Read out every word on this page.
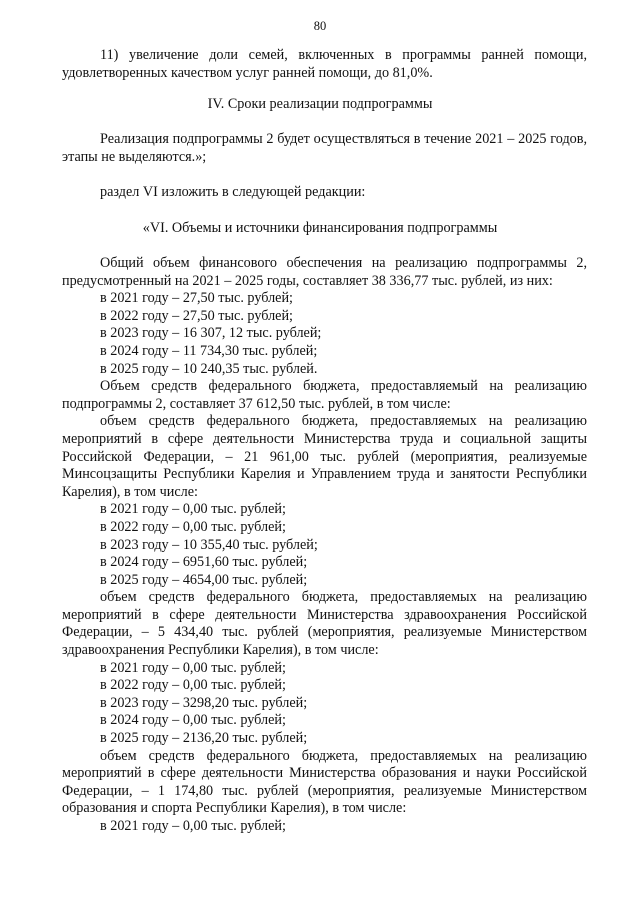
80

11) увеличение доли семей, включенных в программы ранней помощи, удовлетворенных качеством услуг ранней помощи, до 81,0%.

IV. Сроки реализации подпрограммы

Реализация подпрограммы 2 будет осуществляться в течение 2021 – 2025 годов, этапы не выделяются.»;

раздел VI изложить в следующей редакции:

«VI. Объемы и источники финансирования подпрограммы

Общий объем финансового обеспечения на реализацию подпрограммы 2, предусмотренный на 2021 – 2025 годы, составляет 38 336,77 тыс. рублей, из них:

в 2021 году – 27,50 тыс. рублей;

в 2022 году – 27,50 тыс. рублей;

в 2023 году – 16 307, 12 тыс. рублей;

в 2024 году – 11 734,30 тыс. рублей;

в 2025 году – 10 240,35 тыс. рублей.

Объем средств федерального бюджета, предоставляемый на реализацию подпрограммы 2, составляет 37 612,50 тыс. рублей, в том числе:

объем средств федерального бюджета, предоставляемых на реализацию мероприятий в сфере деятельности Министерства труда и социальной защиты Российской Федерации, – 21 961,00 тыс. рублей (мероприятия, реализуемые Минсоцзащиты Республики Карелия и Управлением труда и занятости Республики Карелия), в том числе:

в 2021 году – 0,00 тыс. рублей;

в 2022 году – 0,00 тыс. рублей;

в 2023 году – 10 355,40 тыс. рублей;

в 2024 году – 6951,60 тыс. рублей;

в 2025 году – 4654,00 тыс. рублей;

объем средств федерального бюджета, предоставляемых на реализацию мероприятий в сфере деятельности Министерства здравоохранения Российской Федерации, – 5 434,40 тыс. рублей (мероприятия, реализуемые Министерством здравоохранения Республики Карелия), в том числе:

в 2021 году – 0,00 тыс. рублей;

в 2022 году – 0,00 тыс. рублей;

в 2023 году – 3298,20 тыс. рублей;

в 2024 году – 0,00 тыс. рублей;

в 2025 году – 2136,20 тыс. рублей;

объем средств федерального бюджета, предоставляемых на реализацию мероприятий в сфере деятельности Министерства образования и науки Российской Федерации, – 1 174,80 тыс. рублей (мероприятия, реализуемые Министерством образования и спорта Республики Карелия), в том числе:

в 2021 году – 0,00 тыс. рублей;
